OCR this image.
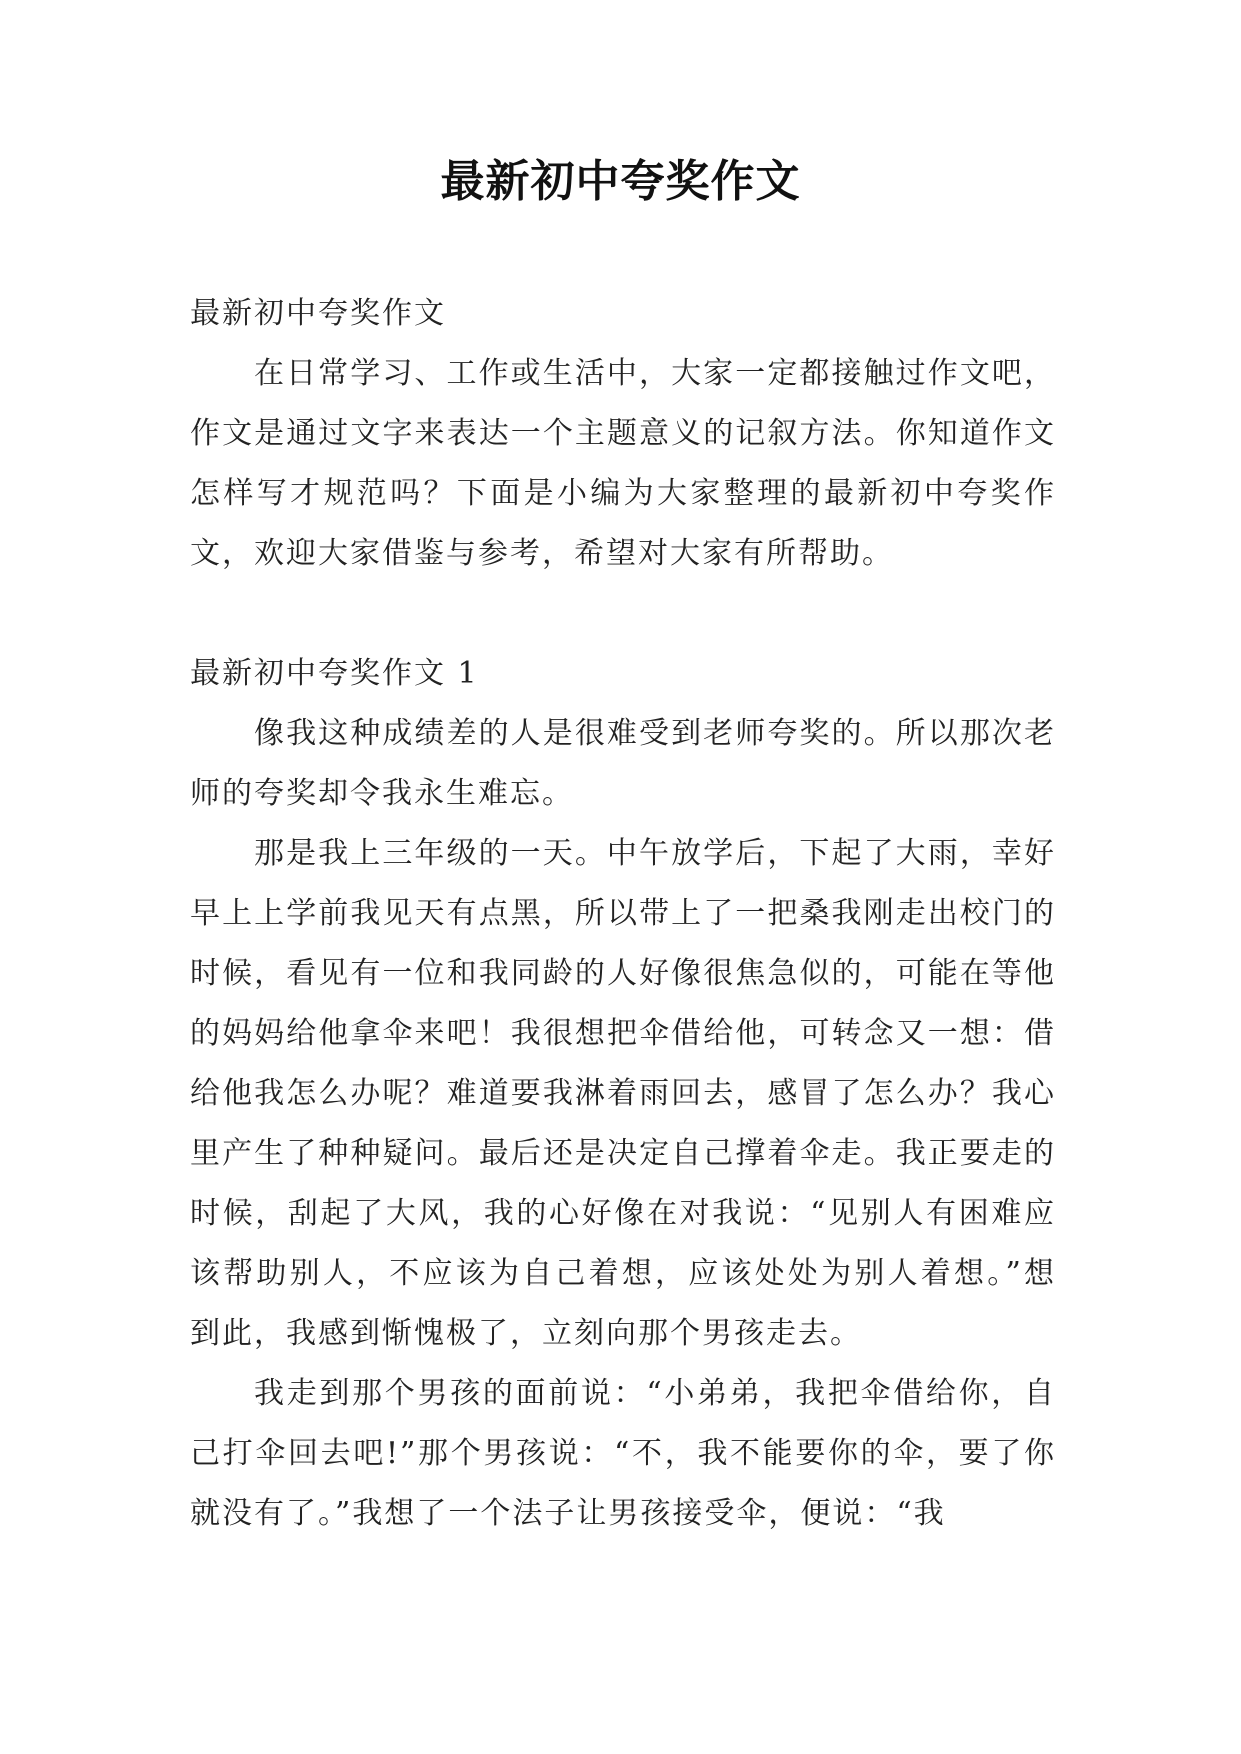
最新初中夸奖作文

最新初中夸奖作文

在日常学习、工作或生活中，大家一定都接触过作文吧，作文是通过文字来表达一个主题意义的记叙方法。你知道作文怎样写才规范吗？下面是小编为大家整理的最新初中夸奖作文，欢迎大家借鉴与参考，希望对大家有所帮助。

最新初中夸奖作文 1

像我这种成绩差的人是很难受到老师夸奖的。所以那次老师的夸奖却令我永生难忘。

那是我上三年级的一天。中午放学后，下起了大雨，幸好早上上学前我见天有点黑，所以带上了一把桑我刚走出校门的时候，看见有一位和我同龄的人好像很焦急似的，可能在等他的妈妈给他拿伞来吧！我很想把伞借给他，可转念又一想：借给他我怎么办呢？难道要我淋着雨回去，感冒了怎么办？我心里产生了种种疑问。最后还是决定自己撑着伞走。我正要走的时候，刮起了大风，我的心好像在对我说：“见别人有困难应该帮助别人，不应该为自己着想，应该处处为别人着想。”想到此，我感到惭愧极了，立刻向那个男孩走去。

我走到那个男孩的面前说：“小弟弟，我把伞借给你，自己打伞回去吧!”那个男孩说：“不，我不能要你的伞，要了你就没有了。”我想了一个法子让男孩接受伞，便说：“我
